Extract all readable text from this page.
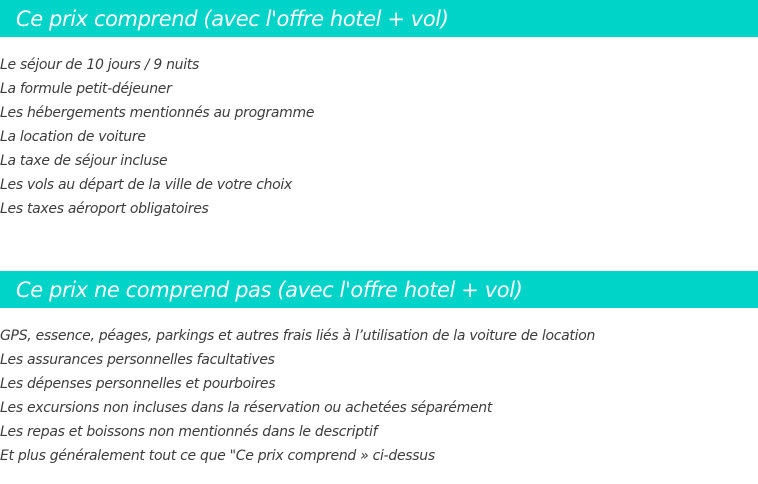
Ce prix comprend (avec l'offre hotel + vol)
Le séjour de 10 jours / 9 nuits
La formule petit-déjeuner
Les hébergements mentionnés au programme
La location de voiture
La taxe de séjour incluse
Les vols au départ de la ville de votre choix
Les taxes aéroport obligatoires
Ce prix ne comprend pas (avec l'offre hotel + vol)
GPS, essence, péages, parkings et autres frais liés à l’utilisation de la voiture de location
Les assurances personnelles facultatives
Les dépenses personnelles et pourboires
Les excursions non incluses dans la réservation ou achetées séparément
Les repas et boissons non mentionnés dans le descriptif
Et plus généralement tout ce que "Ce prix comprend » ci-dessus
